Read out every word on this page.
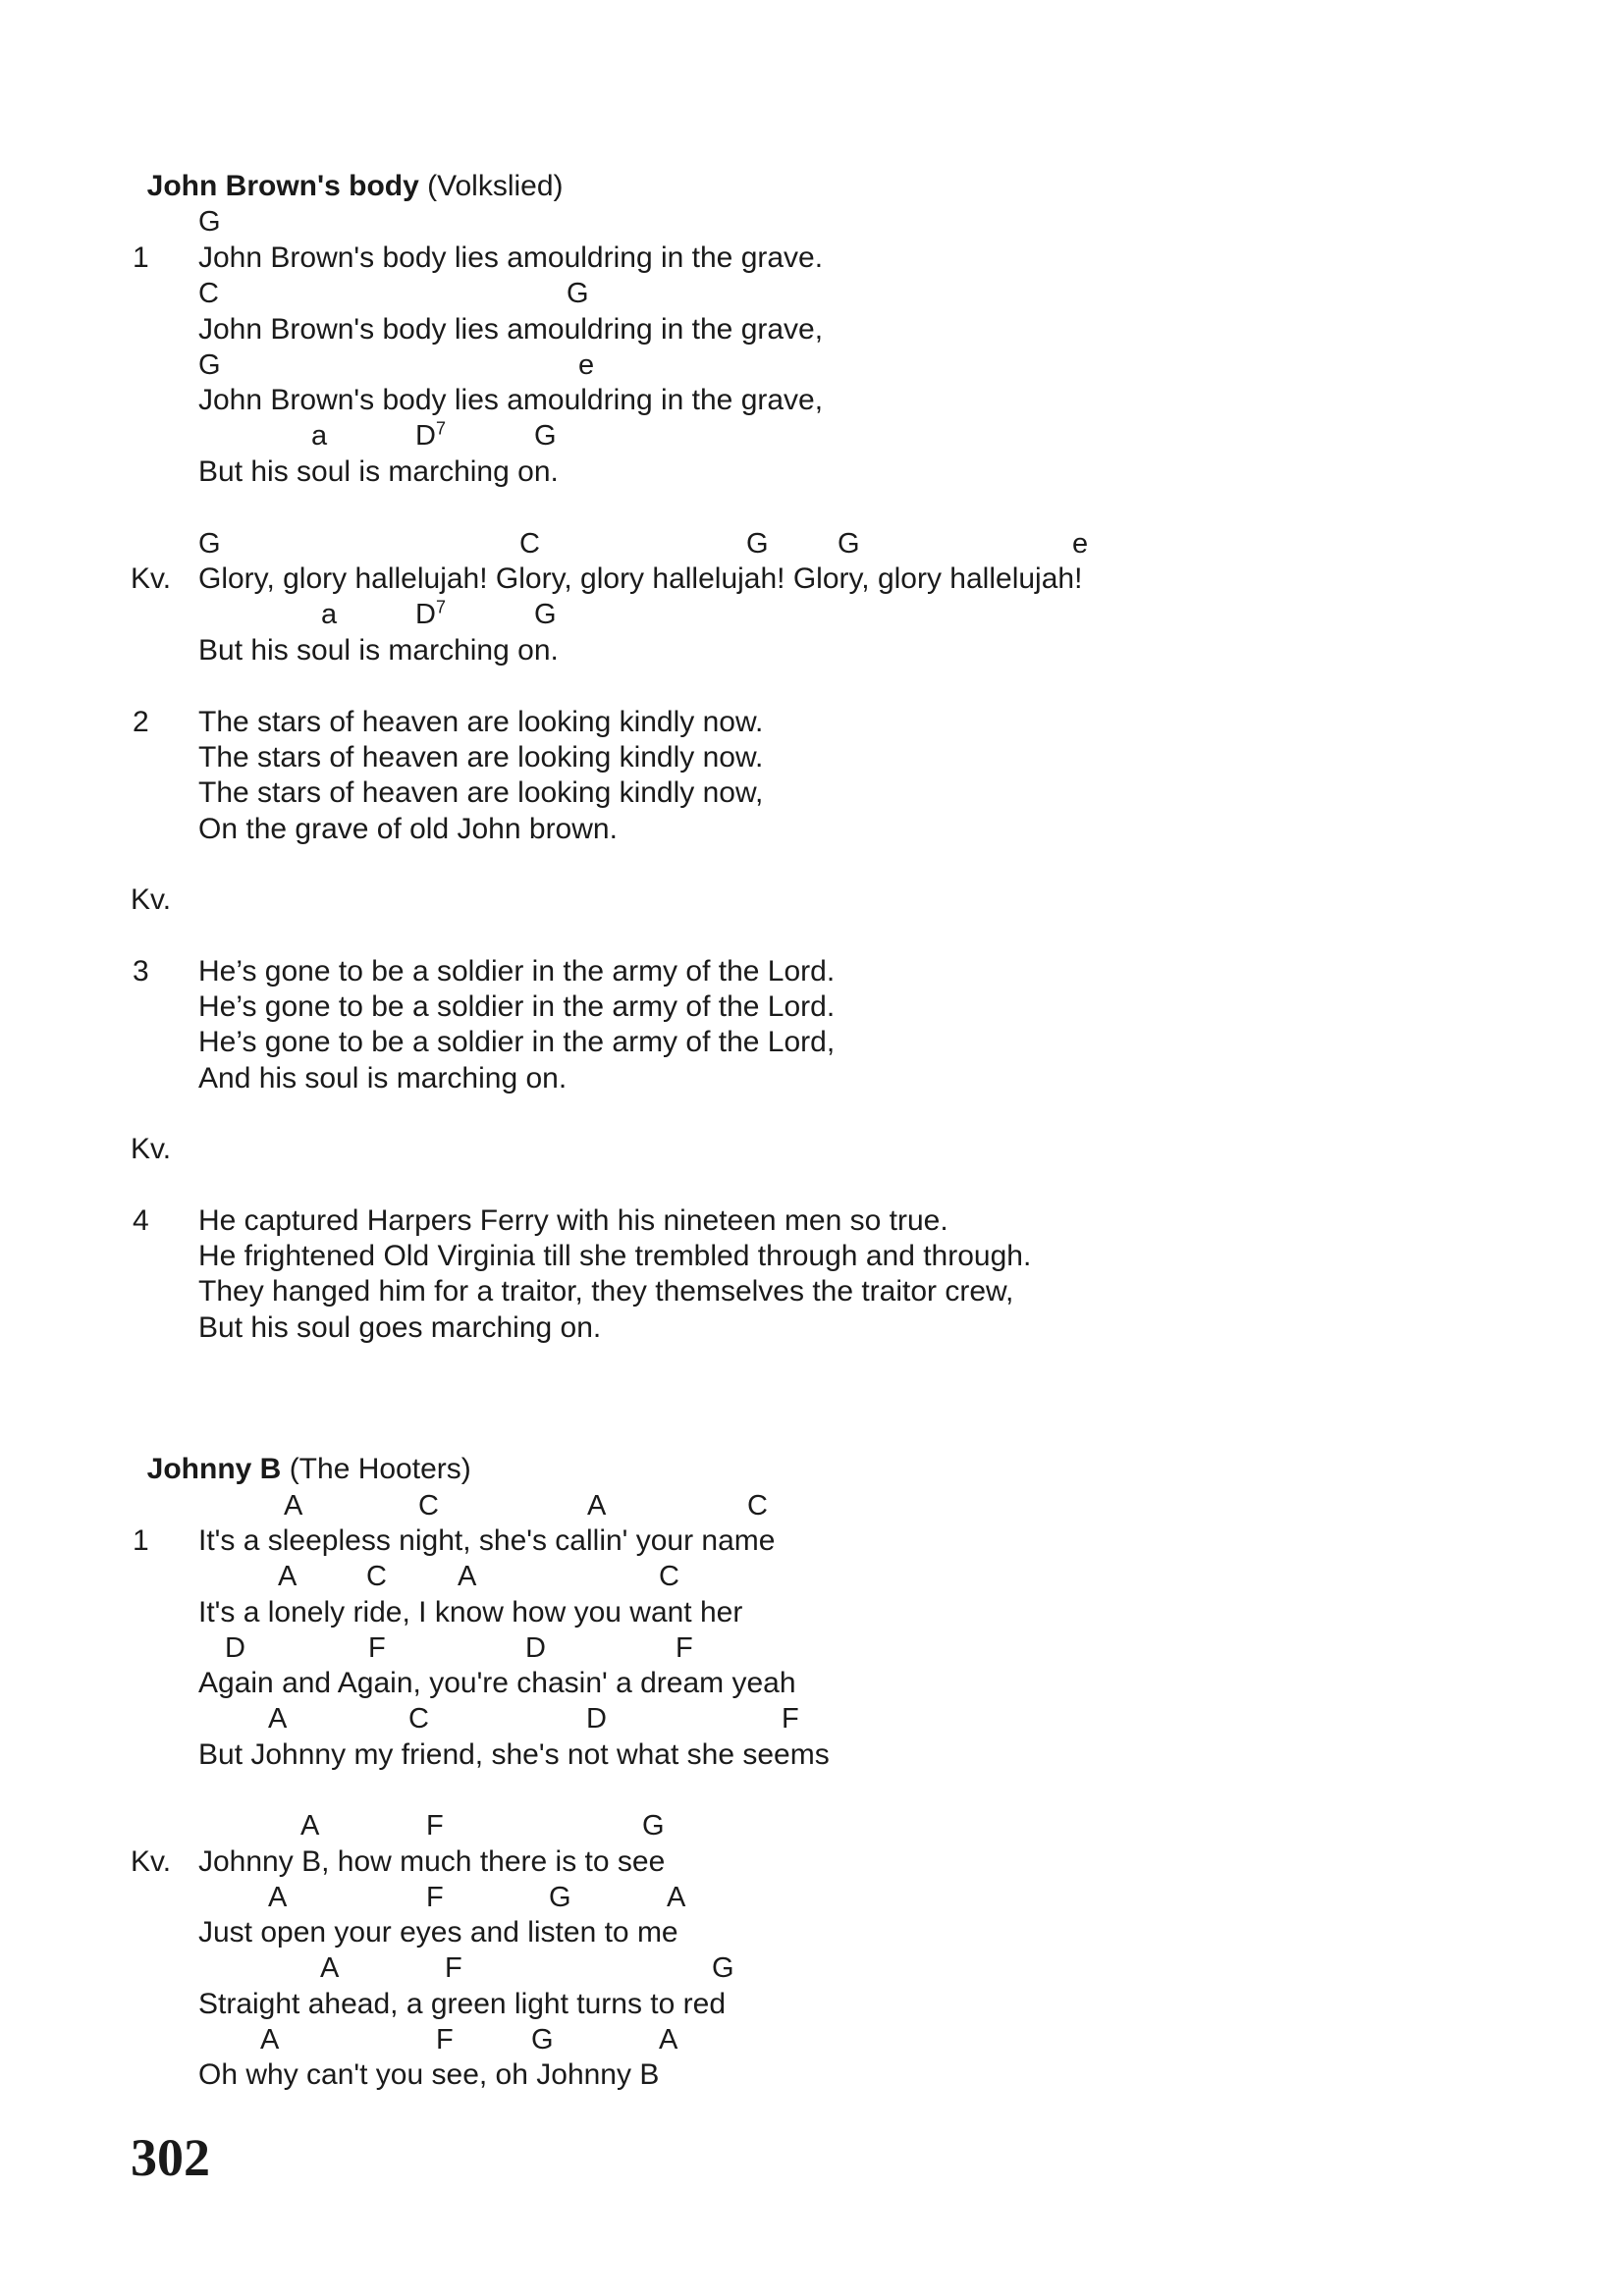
John Brown's body (Volkslied)

G
1 John Brown's body lies amouldring in the grave.
C	G
John Brown's body lies amouldring in the grave,
G	e
John Brown's body lies amouldring in the grave,
a	$D^7$	G
But his soul is marching on.
G	C	G G	e
Kv. Glory, glory hallelujah! Glory, glory hallelujah! Glory, glory hallelujah!
a	$D^7$	G
But his soul is marching on.
2 The stars of heaven are looking kindly now.
The stars of heaven are looking kindly now.
The stars of heaven are looking kindly now,
On the grave of old John brown.
Kv.
3 He’s gone to be a soldier in the army of the Lord.
He’s gone to be a soldier in the army of the Lord.
He’s gone to be a soldier in the army of the Lord,
And his soul is marching on.
Kv.
4 He captured Harpers Ferry with his nineteen men so true.
He frightened Old Virginia till she trembled through and through.
They hanged him for a traitor, they themselves the traitor crew,
But his soul goes marching on.

Johnny B (The Hooters)

A	C	A	C
1 It's a sleepless night, she's callin' your name
A C A	C
It's a lonely ride, I know how you want her
D	F	D	F
Again and Again, you're chasin' a dream yeah
A	C	D	F
But Johnny my friend, she's not what she seems
A	F	G
Kv. Johnny B, how much there is to see
A	F	G	A
Just open your eyes and listen to me
A	F	G
Straight ahead, a green light turns to red
A	F	G	A
Oh why can't you see, oh Johnny B
302
